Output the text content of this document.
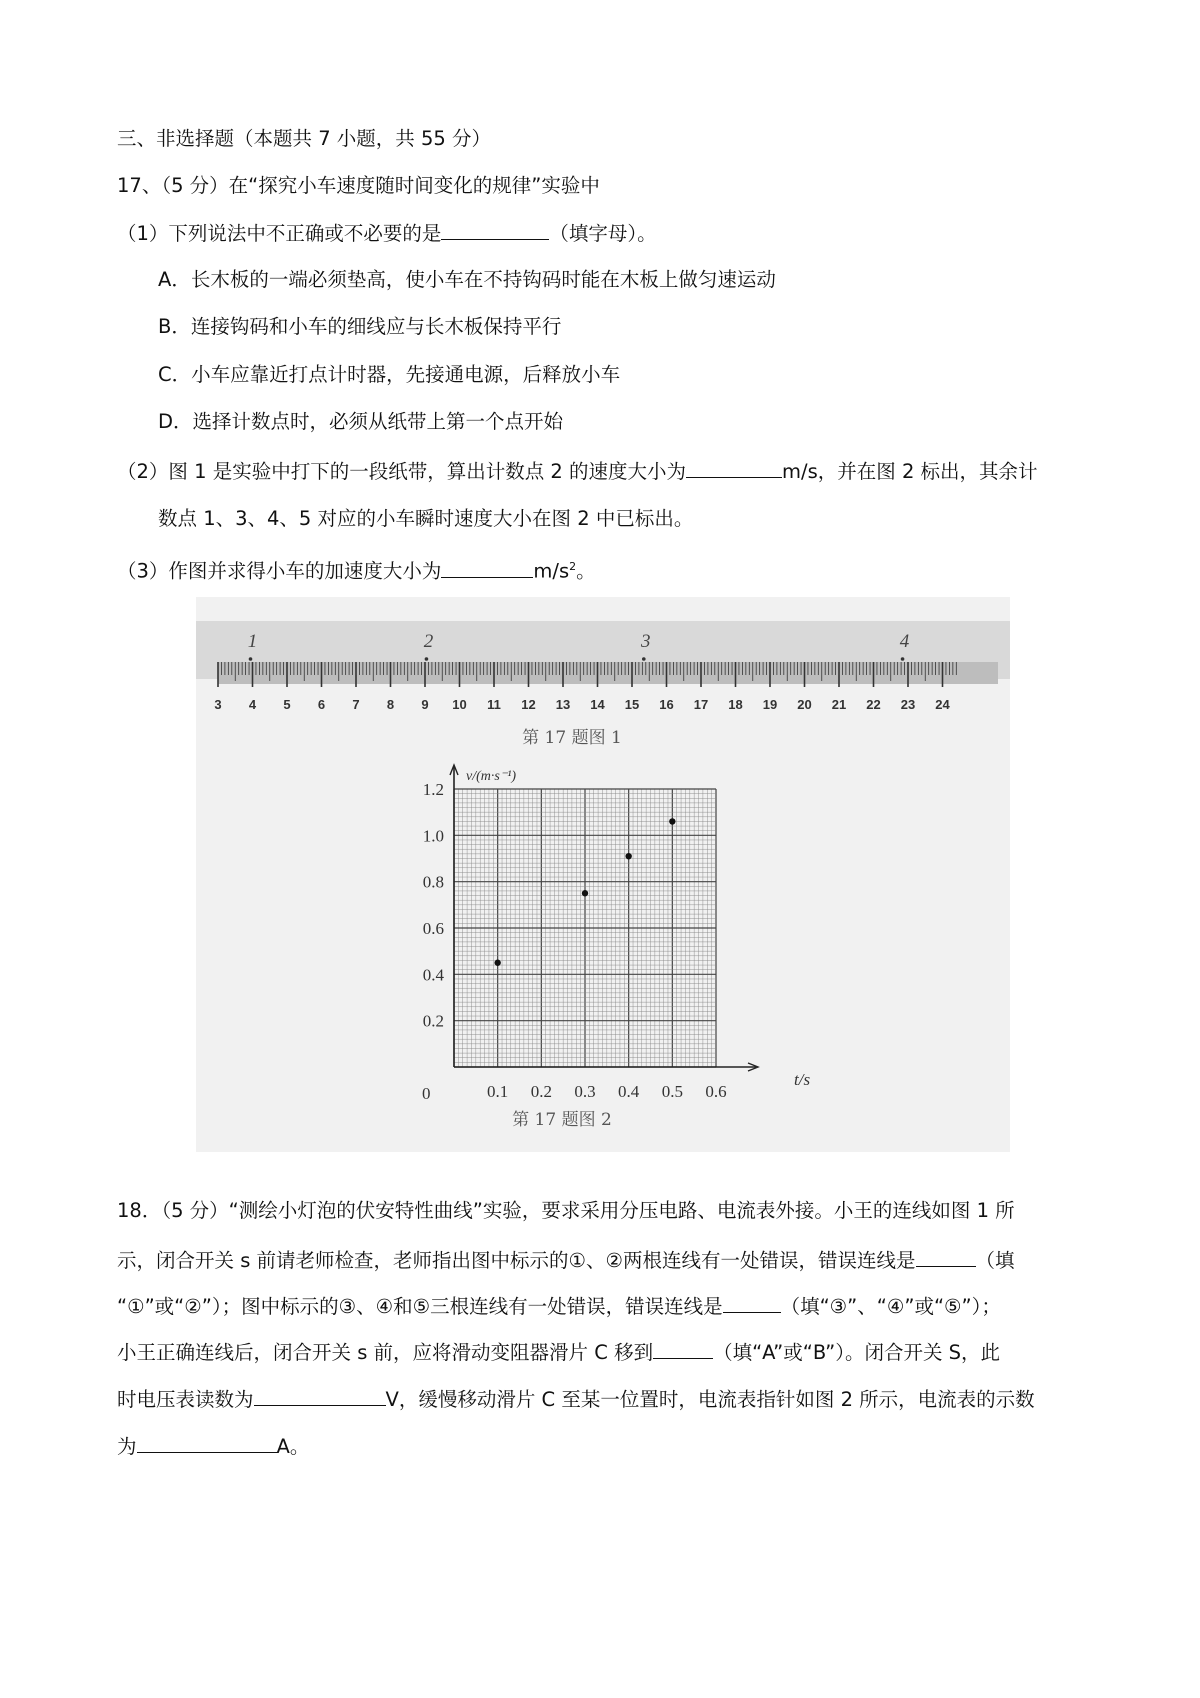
三、非选择题（本题共 7 小题，共 55 分）
17、（5 分）在“探究小车速度随时间变化的规律”实验中
（1）下列说法中不正确或不必要的是	（填字母）。
A．长木板的一端必须垫高，使小车在不持钩码时能在木板上做匀速运动
B．连接钩码和小车的细线应与长木板保持平行
C．小车应靠近打点计时器，先接通电源，后释放小车
D．选择计数点时，必须从纸带上第一个点开始
（2）图 1 是实验中打下的一段纸带，算出计数点 2 的速度大小为	m/s，并在图 2 标出，其余计
数点 1、3、4、5 对应的小车瞬时速度大小在图 2 中已标出。
（3）作图并求得小车的加速度大小为	$m/s^2$。
3 4 5 6 7 8 9 10 11 12 13 14 15 16 17 18 19 20 21 22 23 24
1	2	3	4
第 17 题图 1
1.2
1.0
0.8
0.6
0.4
0.2
0.1 0.2 0.3 0.4 0.5 0.6
v/(m·s⁻¹)
t/s
0
第 17 题图 2
18．（5 分）“测绘小灯泡的伏安特性曲线”实验，要求采用分压电路、电流表外接。小王的连线如图 1 所
示，闭合开关 s 前请老师检查，老师指出图中标示的①、②两根连线有一处错误，错误连线是	（填
“①”或“②”）；图中标示的③、④和⑤三根连线有一处错误，错误连线是	（填“③”、“④”或“⑤”）；
小王正确连线后，闭合开关 s 前，应将滑动变阻器滑片 C 移到	（填“A”或“B”）。闭合开关 S，此
时电压表读数为	V，缓慢移动滑片 C 至某一位置时，电流表指针如图 2 所示，电流表的示数
为	A。
